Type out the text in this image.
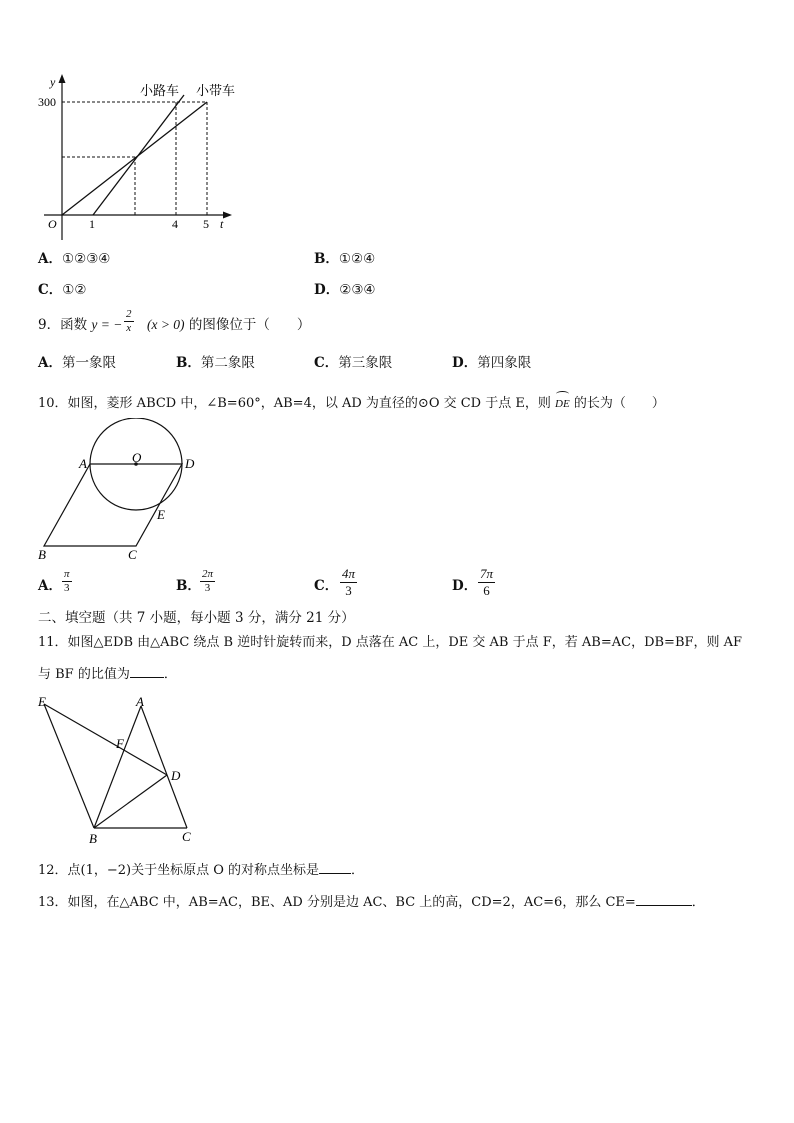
y
300
O	1	4 5 t
小路车 小带车
A．①②③④	B．①②④
C．①②	D．②③④
9．函数 y = − (x > 0) 的图像位于（　　）
$\frac{2}{x}$
A．第一象限	B．第二象限	C．第三象限	D．第四象限
10．如图，菱形 ABCD 中，∠B=60°，AB=4，以 AD 为直径的⊙O 交 CD 于点 E，则 DE 的长为（　　）
A	O	D
E
B	C
A． $\frac{\pi}{3}$	B． $\frac{2\pi}{3}$	C． $\frac{4\pi}{3}$	D． $\frac{7\pi}{6}$
二、填空题（共 7 小题，每小题 3 分，满分 21 分）
11．如图△EDB 由△ABC 绕点 B 逆时针旋转而来，D 点落在 AC 上，DE 交 AB 于点 F，若 AB=AC，DB=BF，则 AF
与 BF 的比值为	．
E	A
F
D
B	C
12．点(1，−2)关于坐标原点 O 的对称点坐标是 ．
13．如图，在△ABC 中，AB=AC，BE、AD 分别是边 AC、BC 上的高，CD=2，AC=6，那么 CE=	．
